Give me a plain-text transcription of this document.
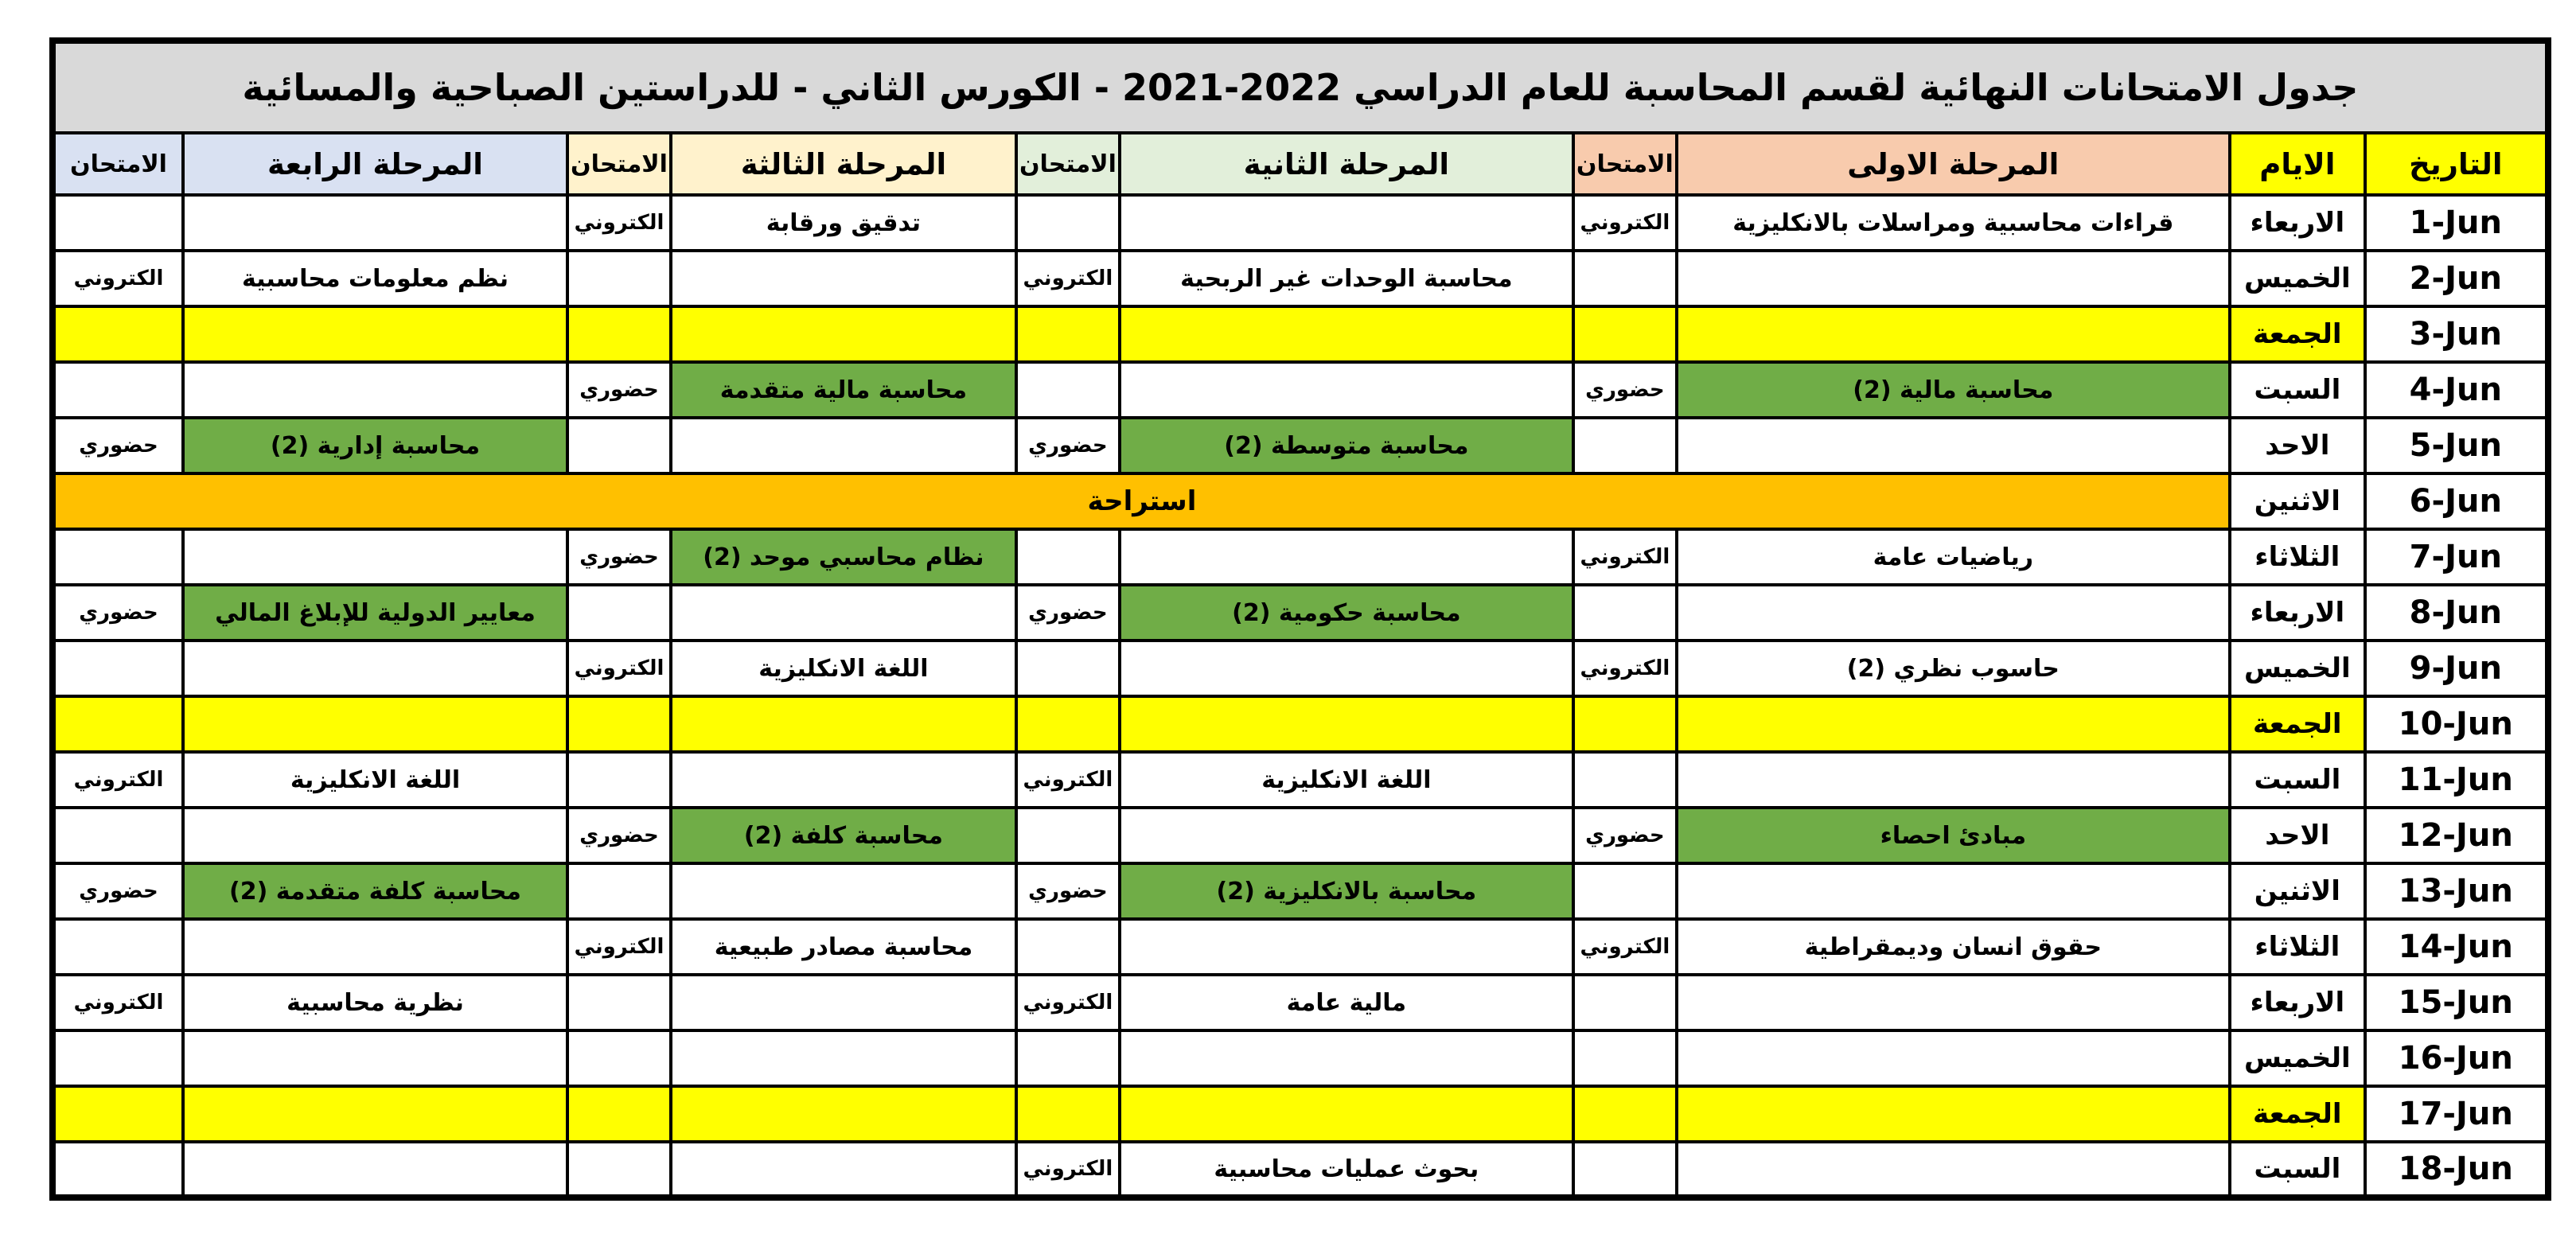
جدول الامتحانات النهائية لقسم المحاسبة للعام الدراسي 2022-2021 - الكورس الثاني - للدراستين الصباحية والمسائية									
التاريخ	الايام	المرحلة الاولى	الامتحان	المرحلة الثانية	الامتحان	المرحلة الثالثة	الامتحان	المرحلة الرابعة	الامتحان
1-Jun	الاربعاء	قراءات محاسبية ومراسلات بالانكليزية	الكتروني			تدقيق ورقابة	الكتروني		
2-Jun	الخميس			محاسبة الوحدات غير الربحية	الكتروني			نظم معلومات محاسبية	الكتروني
3-Jun	الجمعة								
4-Jun	السبت	محاسبة مالية (2)	حضوري			محاسبة مالية متقدمة	حضوري		
5-Jun	الاحد			محاسبة متوسطة (2)	حضوري			محاسبة إدارية (2)	حضوري
6-Jun	الاثنين	استراحة							
7-Jun	الثلاثاء	رياضيات عامة	الكتروني			نظام محاسبي موحد (2)	حضوري		
8-Jun	الاربعاء			محاسبة حكومية (2)	حضوري			معايير الدولية للإبلاغ المالي	حضوري
9-Jun	الخميس	حاسوب نظري (2)	الكتروني			اللغة الانكليزية	الكتروني		
10-Jun	الجمعة								
11-Jun	السبت			اللغة الانكليزية	الكتروني			اللغة الانكليزية	الكتروني
12-Jun	الاحد	مبادئ احصاء	حضوري			محاسبة كلفة (2)	حضوري		
13-Jun	الاثنين			محاسبة بالانكليزية (2)	حضوري			محاسبة كلفة متقدمة (2)	حضوري
14-Jun	الثلاثاء	حقوق انسان وديمقراطية	الكتروني			محاسبة مصادر طبيعية	الكتروني		
15-Jun	الاربعاء			مالية عامة	الكتروني			نظرية محاسبية	الكتروني
16-Jun	الخميس								
17-Jun	الجمعة								
18-Jun	السبت			بحوث عمليات محاسبية	الكتروني				
